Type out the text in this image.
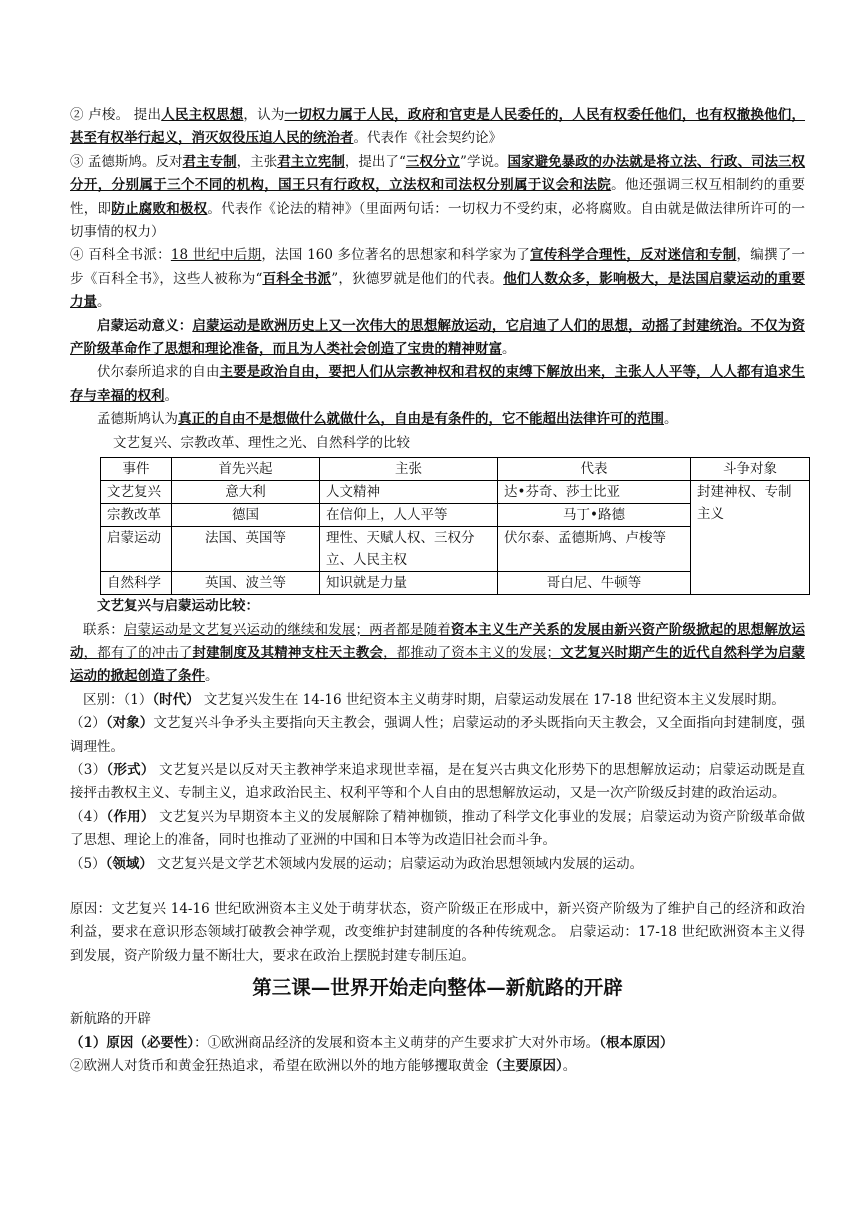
② 卢梭。 提出人民主权思想，认为一切权力属于人民，政府和官吏是人民委任的，人民有权委任他们，也有权撤换他们，甚至有权举行起义，消灭奴役压迫人民的统治者。代表作《社会契约论》

③ 孟德斯鸠。反对君主专制，主张君主立宪制，提出了“三权分立”学说。国家避免暴政的办法就是将立法、行政、司法三权分开，分别属于三个不同的机构，国王只有行政权，立法权和司法权分别属于议会和法院。他还强调三权互相制约的重要性，即防止腐败和极权。代表作《论法的精神》（里面两句话：一切权力不受约束，必将腐败。自由就是做法律所许可的一切事情的权力）

④ 百科全书派：18 世纪中后期，法国 160 多位著名的思想家和科学家为了宣传科学合理性，反对迷信和专制，编撰了一步《百科全书》，这些人被称为“百科全书派”，狄德罗就是他们的代表。他们人数众多，影响极大，是法国启蒙运动的重要力量。

启蒙运动意义：启蒙运动是欧洲历史上又一次伟大的思想解放运动，它启迪了人们的思想，动摇了封建统治。不仅为资产阶级革命作了思想和理论准备，而且为人类社会创造了宝贵的精神财富。

伏尔泰所追求的自由主要是政治自由，要把人们从宗教神权和君权的束缚下解放出来，主张人人平等，人人都有追求生存与幸福的权利。

孟德斯鸠认为真正的自由不是想做什么就做什么，自由是有条件的，它不能超出法律许可的范围。

文艺复兴、宗教改革、理性之光、自然科学的比较

事件	首先兴起	主张	代表	斗争对象
文艺复兴	意大利	人文精神	达•芬奇、莎士比亚	封建神权、专制主义
宗教改革	德国	在信仰上，人人平等	马丁•路德	
启蒙运动	法国、英国等	理性、天赋人权、三权分立、人民主权	伏尔泰、孟德斯鸠、卢梭等	
自然科学	英国、波兰等	知识就是力量	哥白尼、牛顿等	

文艺复兴与启蒙运动比较：

联系：启蒙运动是文艺复兴运动的继续和发展；两者都是随着资本主义生产关系的发展由新兴资产阶级掀起的思想解放运动，都有了的冲击了封建制度及其精神支柱天主教会，都推动了资本主义的发展；文艺复兴时期产生的近代自然科学为启蒙运动的掀起创造了条件。

区别：（1）（时代） 文艺复兴发生在 14-16 世纪资本主义萌芽时期，启蒙运动发展在 17-18 世纪资本主义发展时期。

（2）（对象）文艺复兴斗争矛头主要指向天主教会，强调人性；启蒙运动的矛头既指向天主教会，又全面指向封建制度，强调理性。

（3）（形式） 文艺复兴是以反对天主教神学来追求现世幸福，是在复兴古典文化形势下的思想解放运动；启蒙运动既是直接抨击教权主义、专制主义，追求政治民主、权利平等和个人自由的思想解放运动，又是一次产阶级反封建的政治运动。

（4）（作用） 文艺复兴为早期资本主义的发展解除了精神枷锁，推动了科学文化事业的发展；启蒙运动为资产阶级革命做了思想、理论上的准备，同时也推动了亚洲的中国和日本等为改造旧社会而斗争。

（5）（领域） 文艺复兴是文学艺术领域内发展的运动；启蒙运动为政治思想领域内发展的运动。

原因：文艺复兴 14-16 世纪欧洲资本主义处于萌芽状态，资产阶级正在形成中，新兴资产阶级为了维护自己的经济和政治利益，要求在意识形态领域打破教会神学观，改变维护封建制度的各种传统观念。 启蒙运动：17-18 世纪欧洲资本主义得到发展，资产阶级力量不断壮大，要求在政治上摆脱封建专制压迫。

第三课—世界开始走向整体—新航路的开辟

新航路的开辟

（1）原因（必要性）：①欧洲商品经济的发展和资本主义萌芽的产生要求扩大对外市场。（根本原因）

②欧洲人对货币和黄金狂热追求，希望在欧洲以外的地方能够攫取黄金（主要原因）。
